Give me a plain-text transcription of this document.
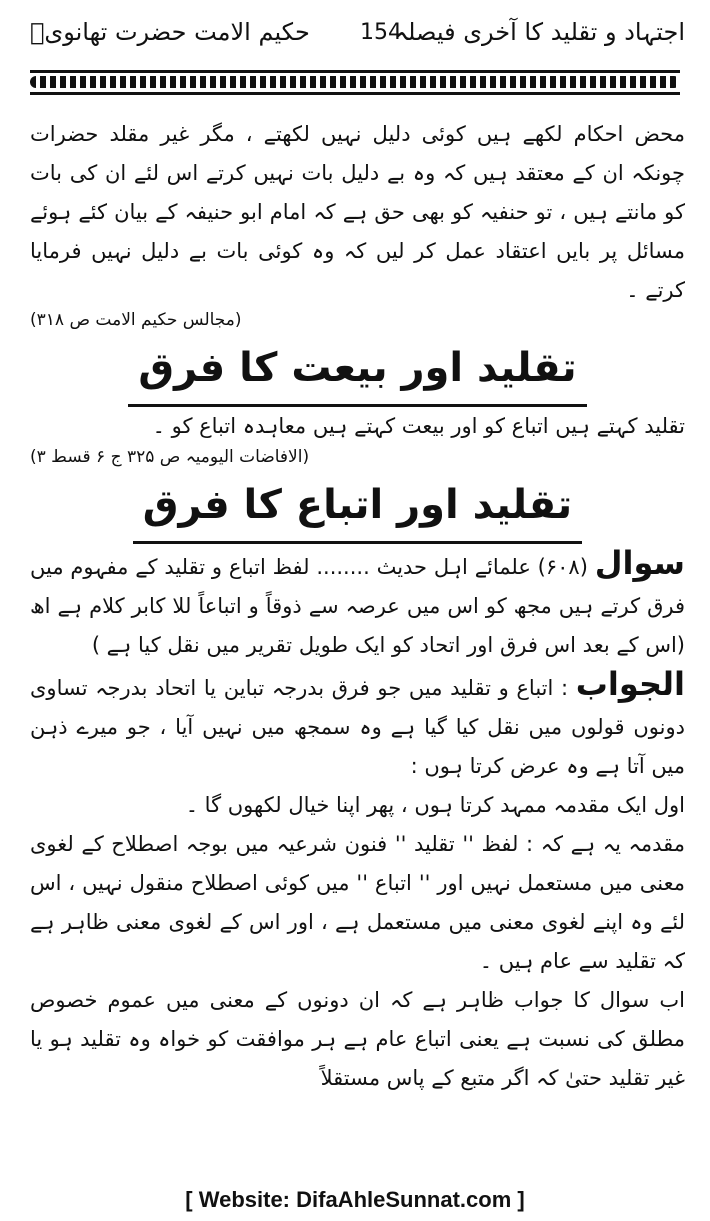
اجتہاد و تقلید کا آخری فیصلہ
154
حکیم الامت حضرت تھانویؒ

محض احکام لکھے ہیں کوئی دلیل نہیں لکھتے ، مگر غیر مقلد حضرات چونکہ ان کے معتقد ہیں کہ وہ بے دلیل بات نہیں کرتے اس لئے ان کی بات کو مانتے ہیں ، تو حنفیہ کو بھی حق ہے کہ امام ابو حنیفہ کے بیان کئے ہوئے مسائل پر بایں اعتقاد عمل کر لیں کہ وہ کوئی بات بے دلیل نہیں فرمایا کرتے ۔

(مجالس حکیم الامت ص ۳۱۸)

تقلید اور بیعت کا فرق

تقلید کہتے ہیں اتباع کو اور بیعت کہتے ہیں معاہدہ اتباع کو ۔

(الافاضات الیومیہ ص ۳۲۵ ج ۶ قسط ۳)

تقلید اور اتباع کا فرق

سوال (۶۰۸) علمائے اہل حدیث ........ لفظ اتباع و تقلید کے مفہوم میں فرق کرتے ہیں مجھ کو اس میں عرصہ سے ذوقاً و اتباعاً للا کابر کلام ہے اھ (اس کے بعد اس فرق اور اتحاد کو ایک طویل تقریر میں نقل کیا ہے )

الجواب : اتباع و تقلید میں جو فرق بدرجہ تباین یا اتحاد بدرجہ تساوی دونوں قولوں میں نقل کیا گیا ہے وہ سمجھ میں نہیں آیا ، جو میرے ذہن میں آتا ہے وہ عرض کرتا ہوں :

اول ایک مقدمہ ممہد کرتا ہوں ، پھر اپنا خیال لکھوں گا ۔

مقدمہ یہ ہے کہ : لفظ '' تقلید '' فنون شرعیہ میں بوجہ اصطلاح کے لغوی معنی میں مستعمل نہیں اور '' اتباع '' میں کوئی اصطلاح منقول نہیں ، اس لئے وہ اپنے لغوی معنی میں مستعمل ہے ، اور اس کے لغوی معنی ظاہر ہے کہ تقلید سے عام ہیں ۔

اب سوال کا جواب ظاہر ہے کہ ان دونوں کے معنی میں عموم خصوص مطلق کی نسبت ہے یعنی اتباع عام ہے ہر موافقت کو خواہ وہ تقلید ہو یا غیر تقلید حتیٰ کہ اگر متبع کے پاس مستقلاً

[ Website: DifaAhleSunnat.com ]
